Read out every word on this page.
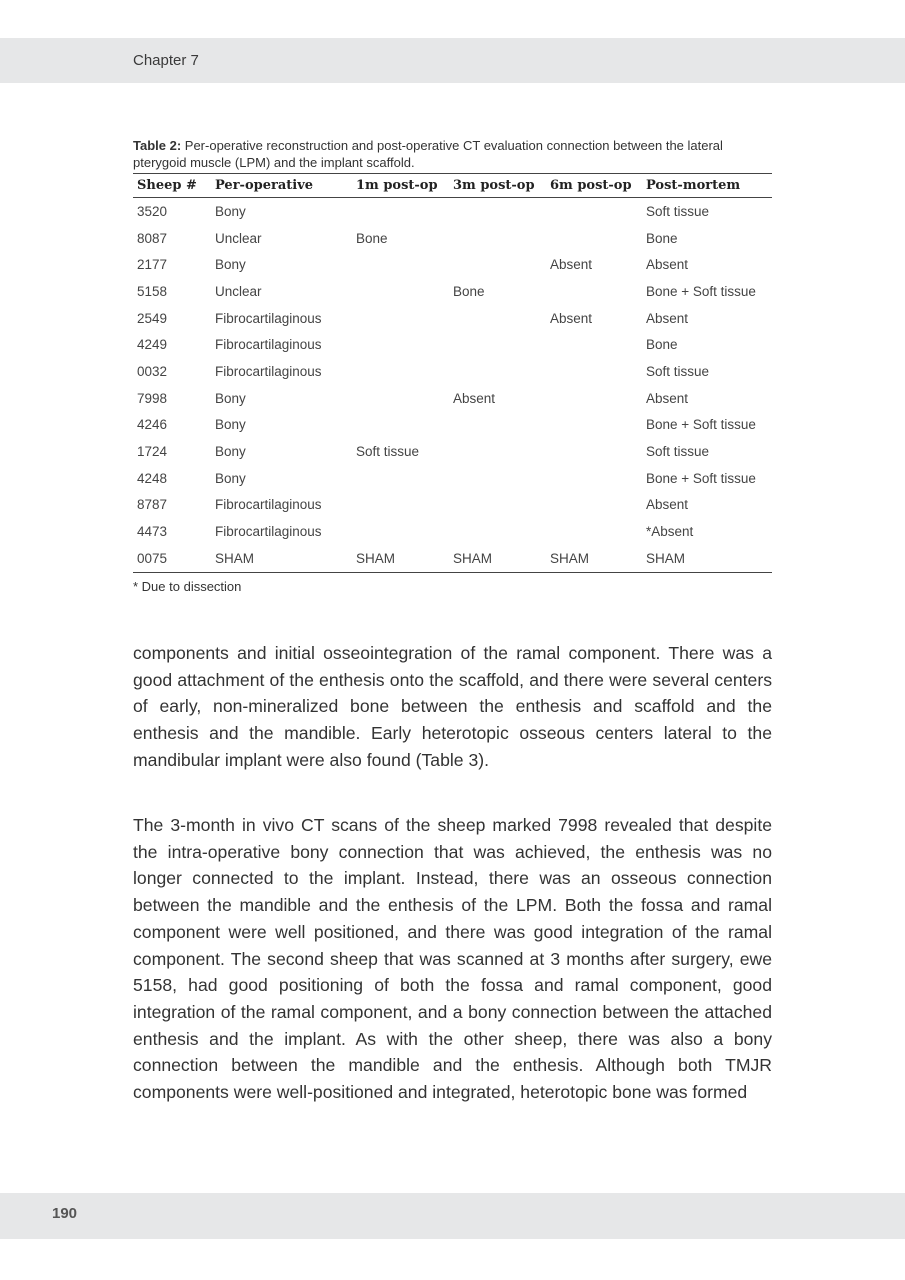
Chapter 7

Table 2: Per-operative reconstruction and post-operative CT evaluation connection between the lateral pterygoid muscle (LPM) and the implant scaffold.

Sheep #	Per-operative	1m post-op	3m post-op	6m post-op	Post-mortem
3520	Bony				Soft tissue
8087	Unclear	Bone			Bone
2177	Bony			Absent	Absent
5158	Unclear		Bone		Bone + Soft tissue
2549	Fibrocartilaginous			Absent	Absent
4249	Fibrocartilaginous				Bone
0032	Fibrocartilaginous				Soft tissue
7998	Bony		Absent		Absent
4246	Bony				Bone + Soft tissue
1724	Bony	Soft tissue			Soft tissue
4248	Bony				Bone + Soft tissue
8787	Fibrocartilaginous				Absent
4473	Fibrocartilaginous				*Absent
0075	SHAM	SHAM	SHAM	SHAM	SHAM
* Due to dissection

components and initial osseointegration of the ramal component. There was a good attachment of the enthesis onto the scaffold, and there were several centers of early, non-mineralized bone between the enthesis and scaffold and the enthesis and the mandible. Early heterotopic osseous centers lateral to the mandibular implant were also found (Table 3).

The 3-month in vivo CT scans of the sheep marked 7998 revealed that despite the intra-operative bony connection that was achieved, the enthesis was no longer connected to the implant. Instead, there was an osseous connection between the mandible and the enthesis of the LPM. Both the fossa and ramal component were well positioned, and there was good integration of the ramal component. The second sheep that was scanned at 3 months after surgery, ewe 5158, had good positioning of both the fossa and ramal component, good integration of the ramal component, and a bony connection between the attached enthesis and the implant. As with the other sheep, there was also a bony connection between the mandible and the enthesis. Although both TMJR components were well-positioned and integrated, heterotopic bone was formed

190
